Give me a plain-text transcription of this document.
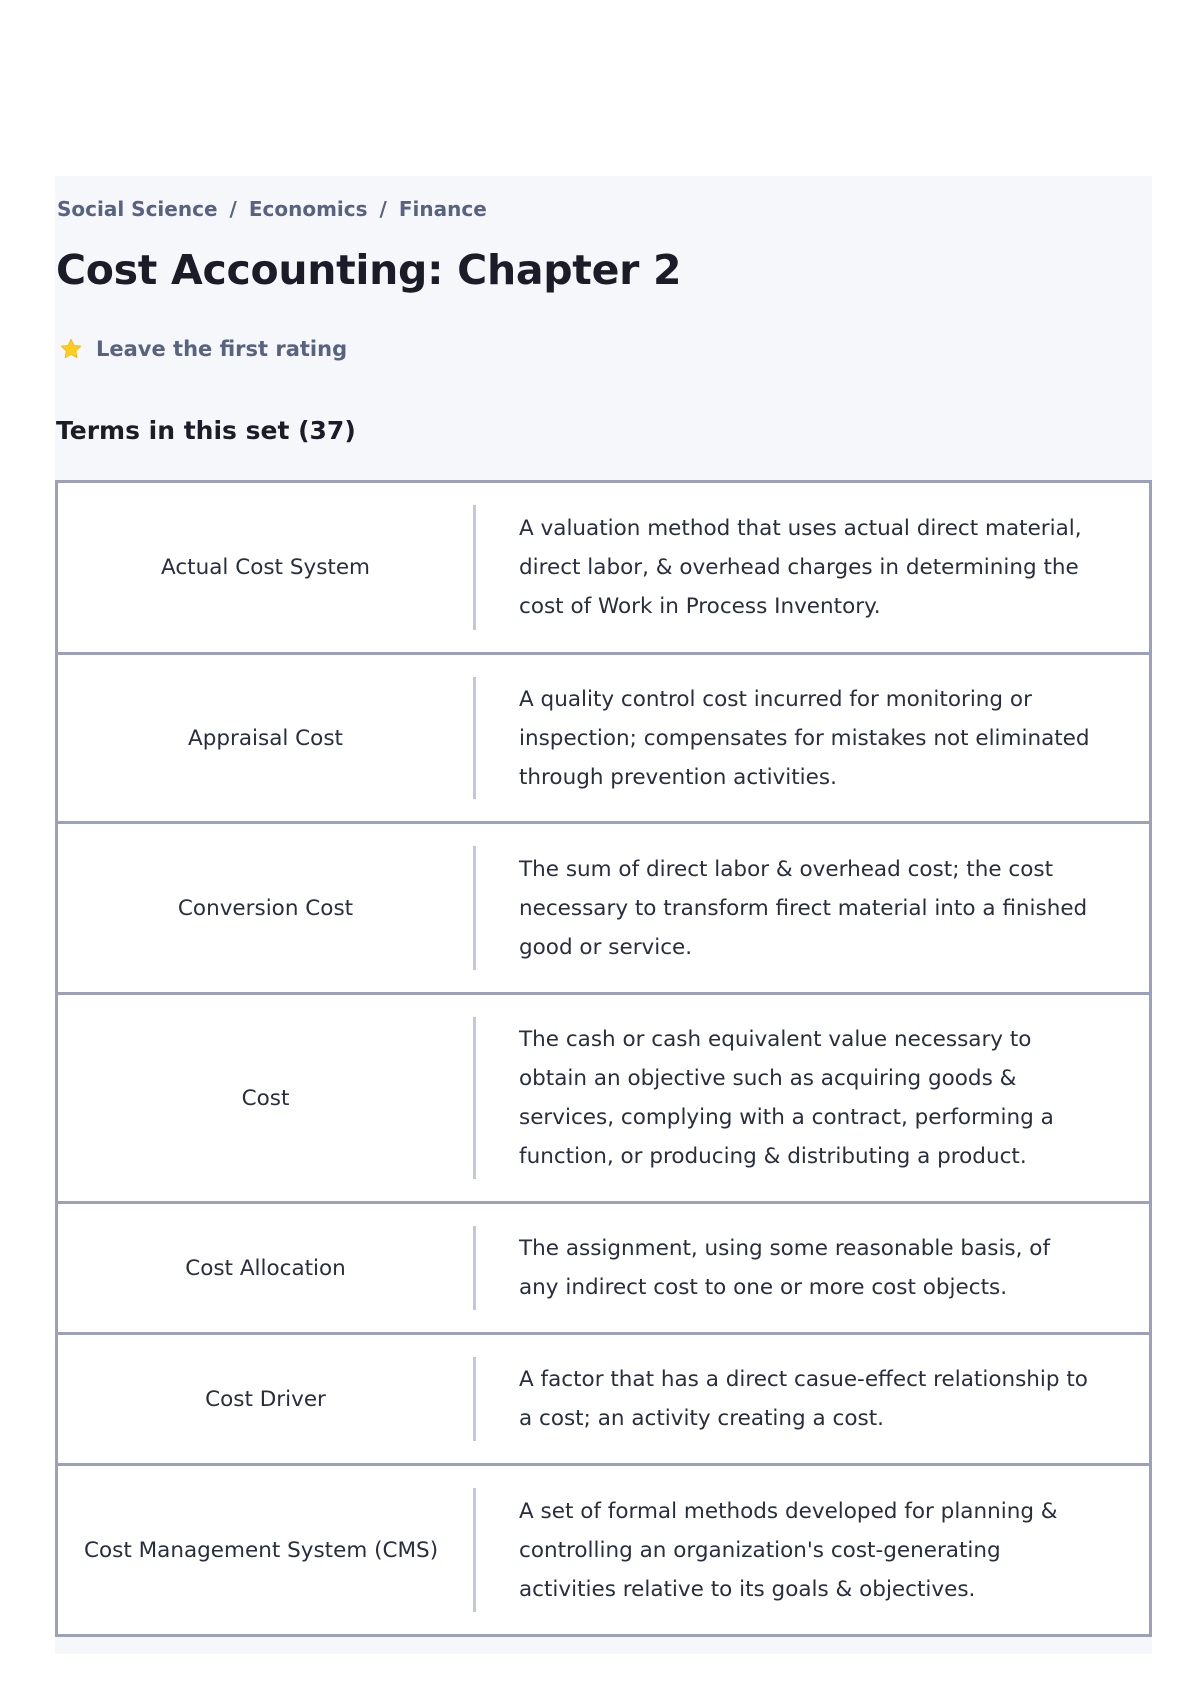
Social Science / Economics / Finance
Cost Accounting: Chapter 2
Leave the first rating
Terms in this set (37)
Actual Cost System
A valuation method that uses actual direct material, direct labor, & overhead charges in determining the cost of Work in Process Inventory.
Appraisal Cost
A quality control cost incurred for monitoring or inspection; compensates for mistakes not eliminated through prevention activities.
Conversion Cost
The sum of direct labor & overhead cost; the cost necessary to transform firect material into a finished good or service.
Cost
The cash or cash equivalent value necessary to obtain an objective such as acquiring goods & services, complying with a contract, performing a function, or producing & distributing a product.
Cost Allocation
The assignment, using some reasonable basis, of any indirect cost to one or more cost objects.
Cost Driver
A factor that has a direct casue-effect relationship to a cost; an activity creating a cost.
Cost Management System (CMS)
A set of formal methods developed for planning & controlling an organization's cost-generating activities relative to its goals & objectives.
